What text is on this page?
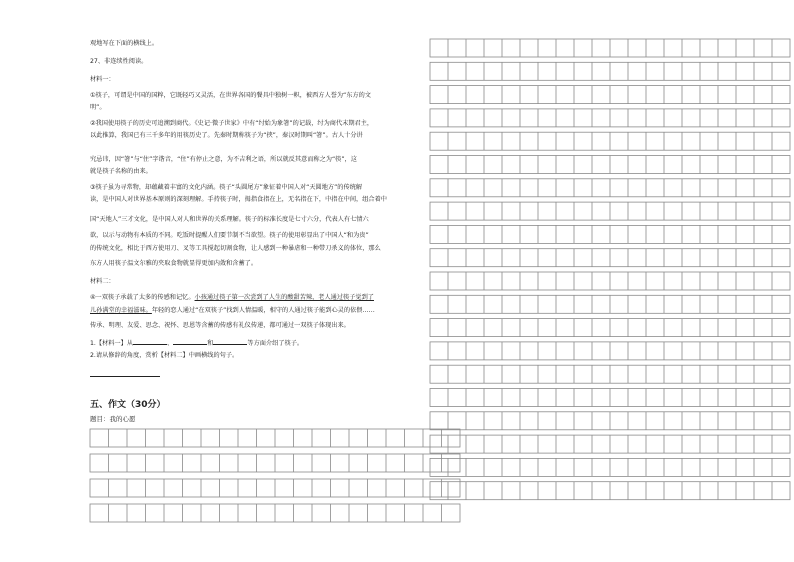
观地写在下面的横线上。
27、非连续性阅读。
材料一：
①筷子，可谓是中国的国粹，它既轻巧又灵活，在世界各国的餐具中独树一帜，被西方人誉为“东方的文
明”。
②我国使用筷子的历史可追溯到商代。《史记·微子世家》中有“纣始为象箸”的记载，纣为商代末期君主，
以此推算，我国已有三千多年的用筷历史了。先秦时期称筷子为“挟”，秦汉时期叫“箸”。古人十分讲
究忌讳，因“箸”与“住”字谐音，“住”有停止之意，为不吉利之语，所以就反其意而称之为“筷”，这
就是筷子名称的由来。
③筷子虽为寻常物，却蕴藏着丰富的文化内涵。筷子“头圆尾方”象征着中国人对“天圆地方”的传统解
读，是中国人对世界基本原则的深刻理解。手持筷子时，拇指食指在上，无名指在下，中指在中间，组合着中
国“天地人”三才文化，是中国人对人和世界的关系理解。筷子的标准长度是七寸六分，代表人有七情六
欲，以示与动物有本质的不同。吃饭时提醒人们要节制不当欲望。筷子的使用彰显出了中国人“和为贵”
的传统文化，相比于西方使用刀、叉等工具搅起切割食物，让人感到一种暴虐和一种带刀杀义的体位，那么
东方人用筷子温文尔雅的夹取食物就显得更加内敛和含蓄了。
材料二：
④一双筷子承载了太多的传感和记忆。小孩通过筷子第一次尝到了人生的酸甜苦辣，老人通过筷子觉到了
儿孙满堂的幸福滋味。年轻的恋人通过“在双筷子”找到人情温暖，相守的人通过筷子能到心灵的依偎……
传承、明理、友爱、思念、祝怀、思恩等含蓄的传感有礼仪传递，都可通过一双筷子体现出来。
1.【材料一】从	、	和	等方面介绍了筷子。
2.请从修辞的角度，赏析【材料二】中画横线的句子。
五、作文（30分）
题目：我的心愿
